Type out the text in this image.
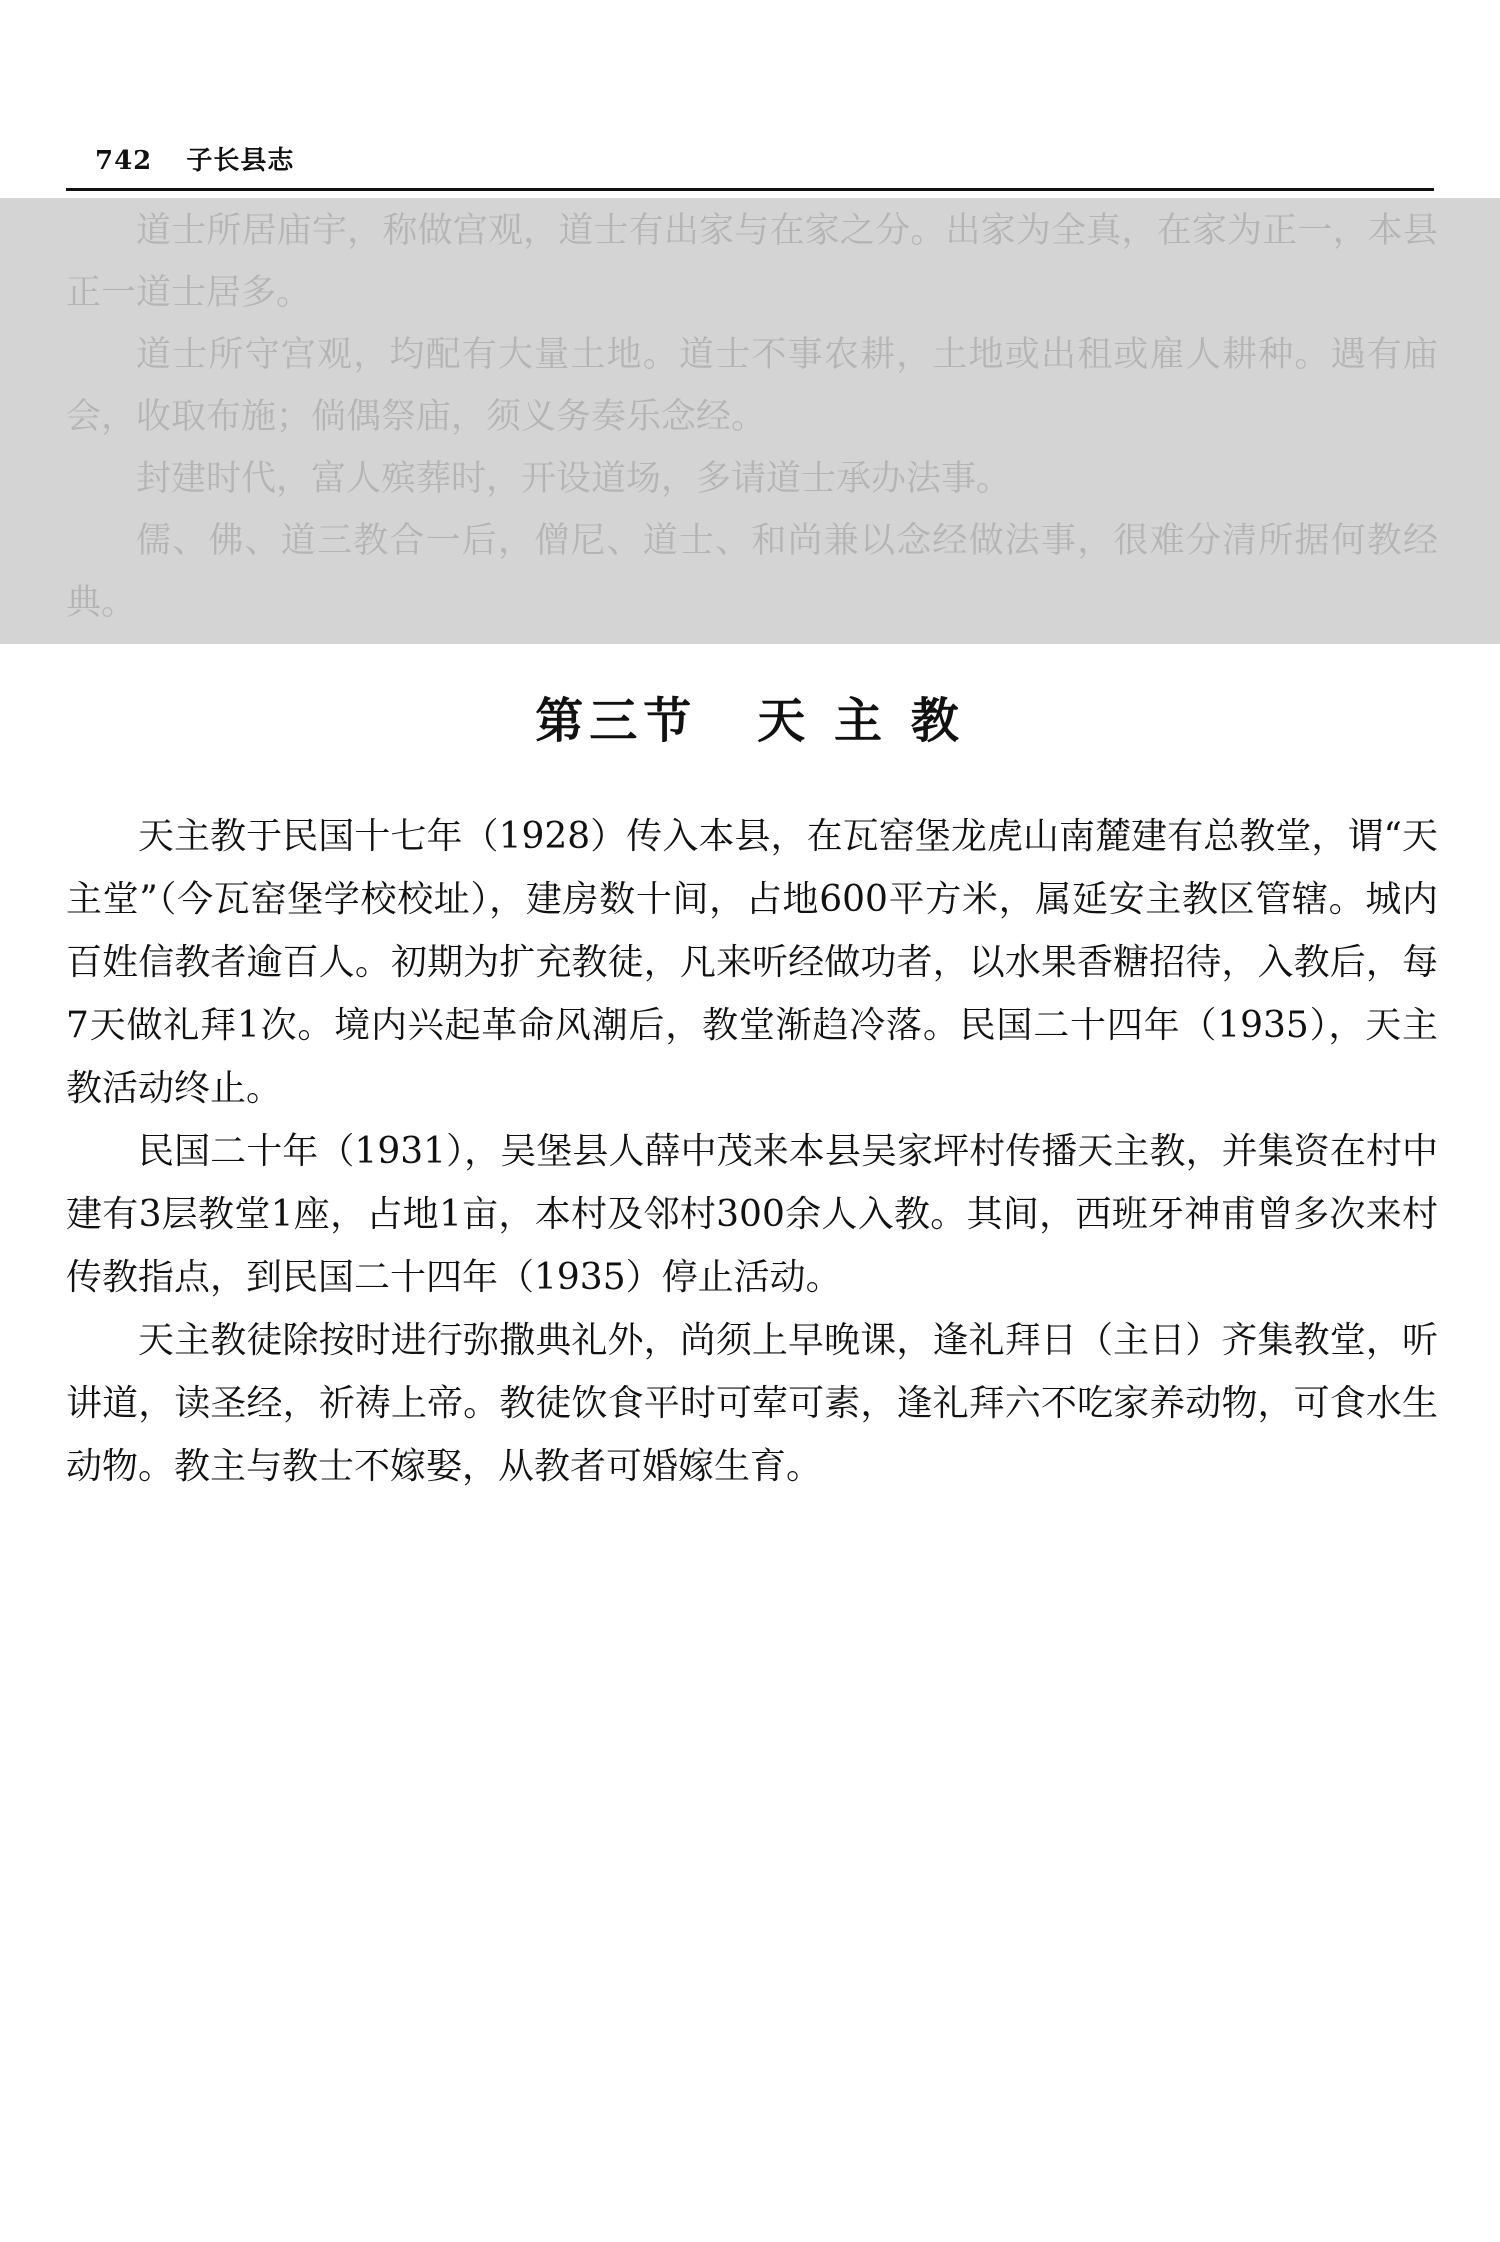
742 子长县志

道士所居庙宇，称做宫观，道士有出家与在家之分。出家为全真，在家为正一，本县正一道士居多。

道士所守宫观，均配有大量土地。道士不事农耕，土地或出租或雇人耕种。遇有庙会，收取布施；倘偶祭庙，须义务奏乐念经。

封建时代，富人殡葬时，开设道场，多请道士承办法事。

儒、佛、道三教合一后，僧尼、道士、和尚兼以念经做法事，很难分清所据何教经典。

第三节 天 主 教

天主教于民国十七年（1928）传入本县，在瓦窑堡龙虎山南麓建有总教堂，谓“天主堂”（今瓦窑堡学校校址），建房数十间，占地600平方米，属延安主教区管辖。城内百姓信教者逾百人。初期为扩充教徒，凡来听经做功者，以水果香糖招待，入教后，每7天做礼拜1次。境内兴起革命风潮后，教堂渐趋冷落。民国二十四年（1935），天主教活动终止。

民国二十年（1931），吴堡县人薛中茂来本县吴家坪村传播天主教，并集资在村中建有3层教堂1座，占地1亩，本村及邻村300余人入教。其间，西班牙神甫曾多次来村传教指点，到民国二十四年（1935）停止活动。

天主教徒除按时进行弥撒典礼外，尚须上早晚课，逢礼拜日（主日）齐集教堂，听讲道，读圣经，祈祷上帝。教徒饮食平时可荤可素，逢礼拜六不吃家养动物，可食水生动物。教主与教士不嫁娶，从教者可婚嫁生育。
